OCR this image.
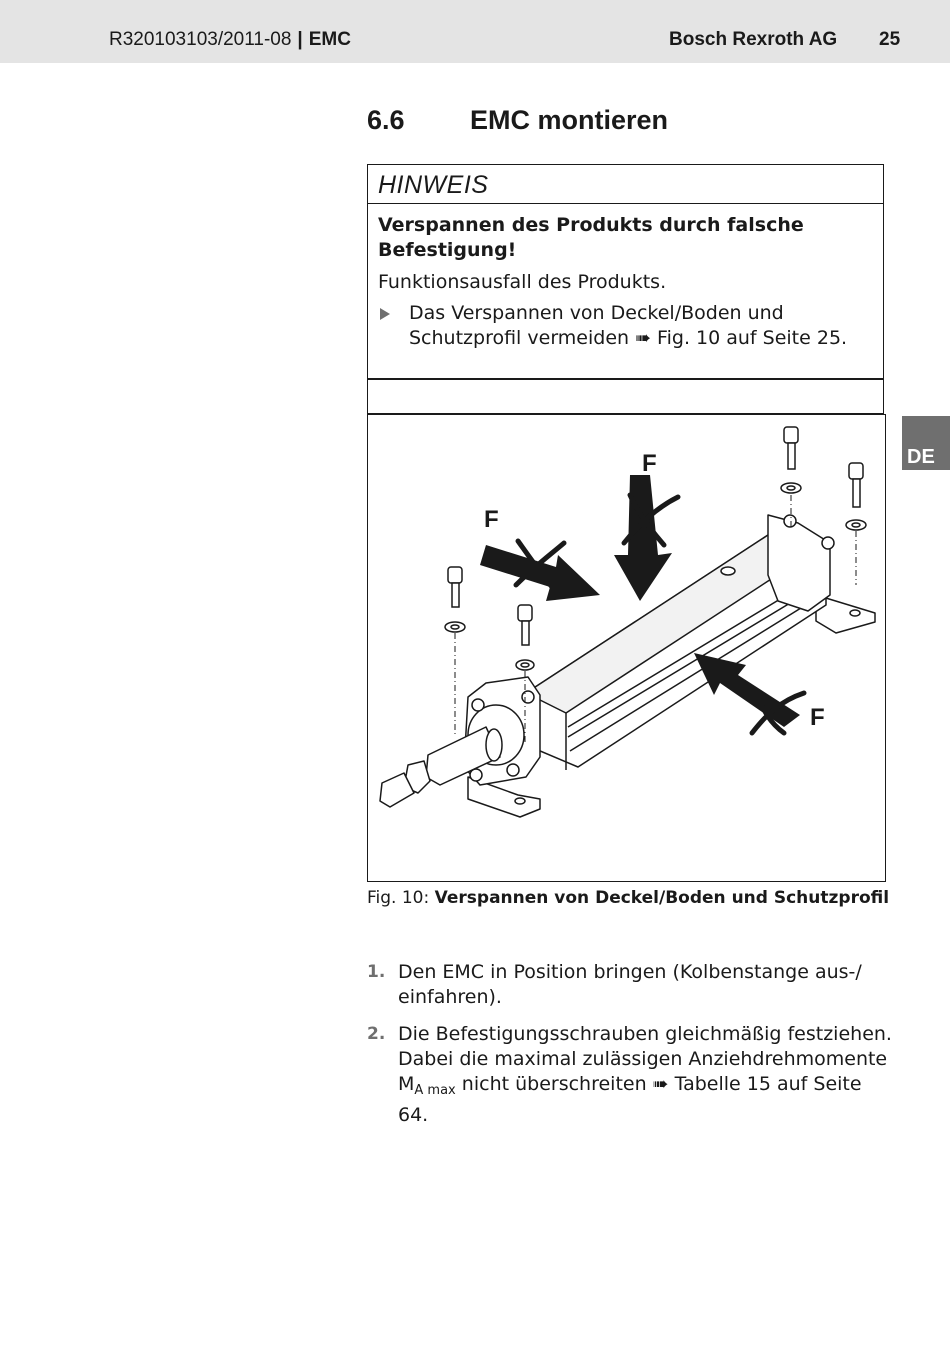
R320103103/2011-08 | EMC	Bosch Rexroth AG 25
DE
6.6 EMC montieren
HINWEIS
Verspannen des Produkts durch falsche Befestigung!
Funktionsausfall des Produkts.
Das Verspannen von Deckel/Boden und Schutzprofil vermeiden ➠ Fig. 10 auf Seite 25.
F
F
F
Fig. 10: Verspannen von Deckel/Boden und Schutzprofil
1. Den EMC in Position bringen (Kolbenstange aus-/ einfahren).
2. Die Befestigungsschrauben gleichmäßig festziehen.
Dabei die maximal zulässigen Anziehdrehmomente $M_{A max}$ nicht überschreiten ➠ Tabelle 15 auf Seite 64.
